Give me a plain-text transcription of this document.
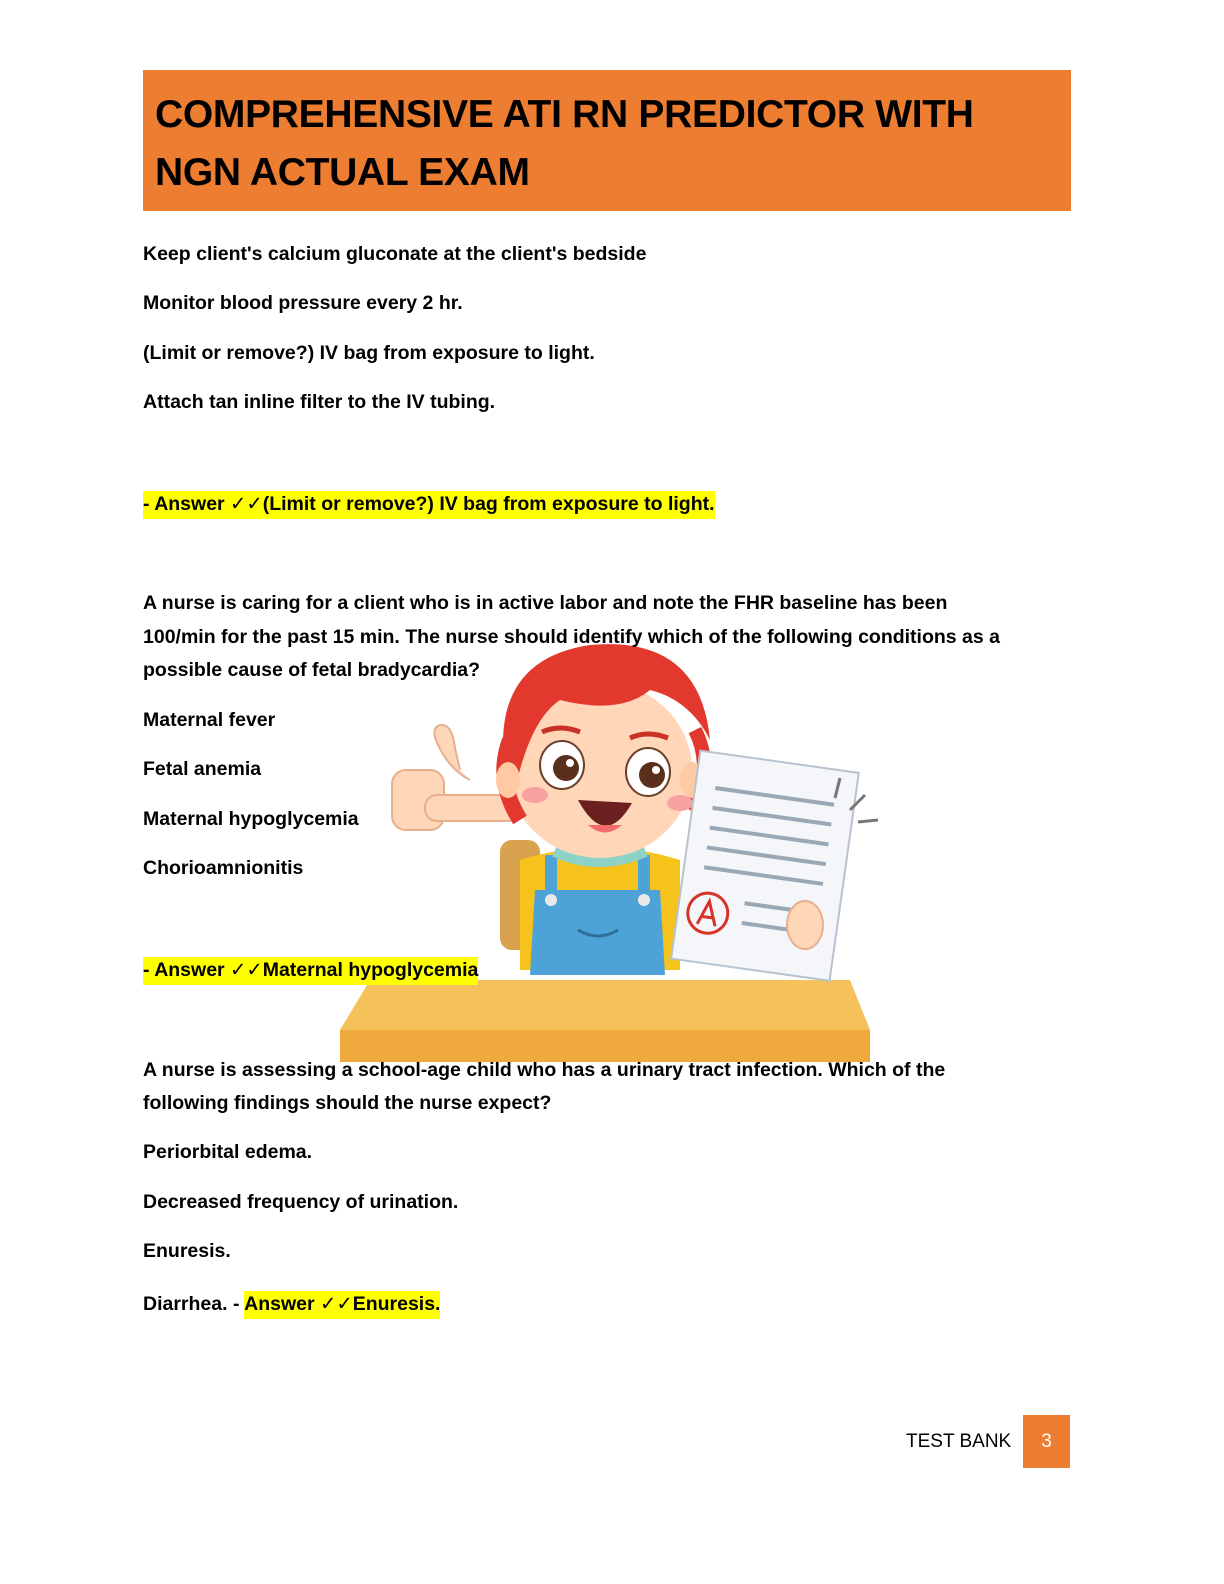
COMPREHENSIVE ATI RN PREDICTOR WITH
NGN ACTUAL EXAM

Keep client's calcium gluconate at the client's bedside

Monitor blood pressure every 2 hr.

(Limit or remove?) IV bag from exposure to light.

Attach tan inline filter to the IV tubing.

- Answer ✓✓(Limit or remove?) IV bag from exposure to light.

A nurse is caring for a client who is in active labor and note the FHR baseline has been

100/min for the past 15 min. The nurse should identify which of the following conditions as a

possible cause of fetal bradycardia?

Maternal fever

Fetal anemia

Maternal hypoglycemia

Chorioamnionitis

- Answer ✓✓Maternal hypoglycemia

A nurse is assessing a school-age child who has a urinary tract infection. Which of the

following findings should the nurse expect?

Periorbital edema.

Decreased frequency of urination.

Enuresis.

Diarrhea. - Answer ✓✓Enuresis.

TEST BANK	3
